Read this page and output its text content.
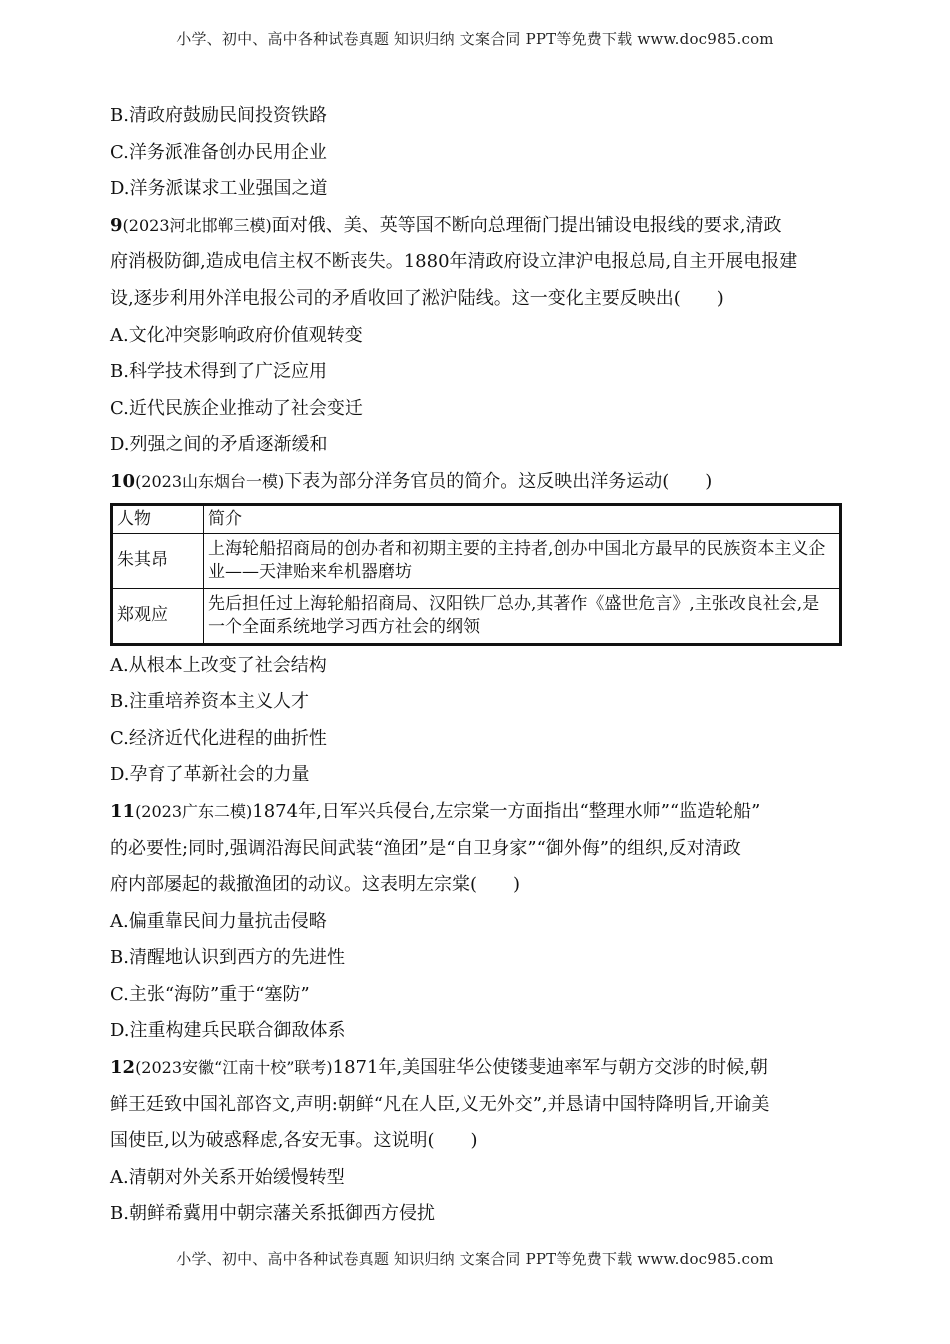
小学、初中、高中各种试卷真题 知识归纳 文案合同 PPT等免费下载 www.doc985.com
B.清政府鼓励民间投资铁路
C.洋务派准备创办民用企业
D.洋务派谋求工业强国之道
9(2023河北邯郸三模)面对俄、美、英等国不断向总理衙门提出铺设电报线的要求,清政
府消极防御,造成电信主权不断丧失。1880年清政府设立津沪电报总局,自主开展电报建
设,逐步利用外洋电报公司的矛盾收回了淞沪陆线。这一变化主要反映出(　　)
A.文化冲突影响政府价值观转变
B.科学技术得到了广泛应用
C.近代民族企业推动了社会变迁
D.列强之间的矛盾逐渐缓和
10(2023山东烟台一模)下表为部分洋务官员的简介。这反映出洋务运动(　　)
人物	简介
朱其昂	上海轮船招商局的创办者和初期主要的主持者,创办中国北方最早的民族资本主义企业——天津贻来牟机器磨坊
郑观应	先后担任过上海轮船招商局、汉阳铁厂总办,其著作《盛世危言》,主张改良社会,是一个全面系统地学习西方社会的纲领
A.从根本上改变了社会结构
B.注重培养资本主义人才
C.经济近代化进程的曲折性
D.孕育了革新社会的力量
11(2023广东二模)1874年,日军兴兵侵台,左宗棠一方面指出“整理水师”“监造轮船”
的必要性;同时,强调沿海民间武装“渔团”是“自卫身家”“御外侮”的组织,反对清政
府内部屡起的裁撤渔团的动议。这表明左宗棠(　　)
A.偏重靠民间力量抗击侵略
B.清醒地认识到西方的先进性
C.主张“海防”重于“塞防”
D.注重构建兵民联合御敌体系
12(2023安徽“江南十校”联考)1871年,美国驻华公使镂斐迪率军与朝方交涉的时候,朝
鲜王廷致中国礼部咨文,声明:朝鲜“凡在人臣,义无外交”,并恳请中国特降明旨,开谕美
国使臣,以为破惑释虑,各安无事。这说明(　　)
A.清朝对外关系开始缓慢转型
B.朝鲜希冀用中朝宗藩关系抵御西方侵扰
小学、初中、高中各种试卷真题 知识归纳 文案合同 PPT等免费下载 www.doc985.com
